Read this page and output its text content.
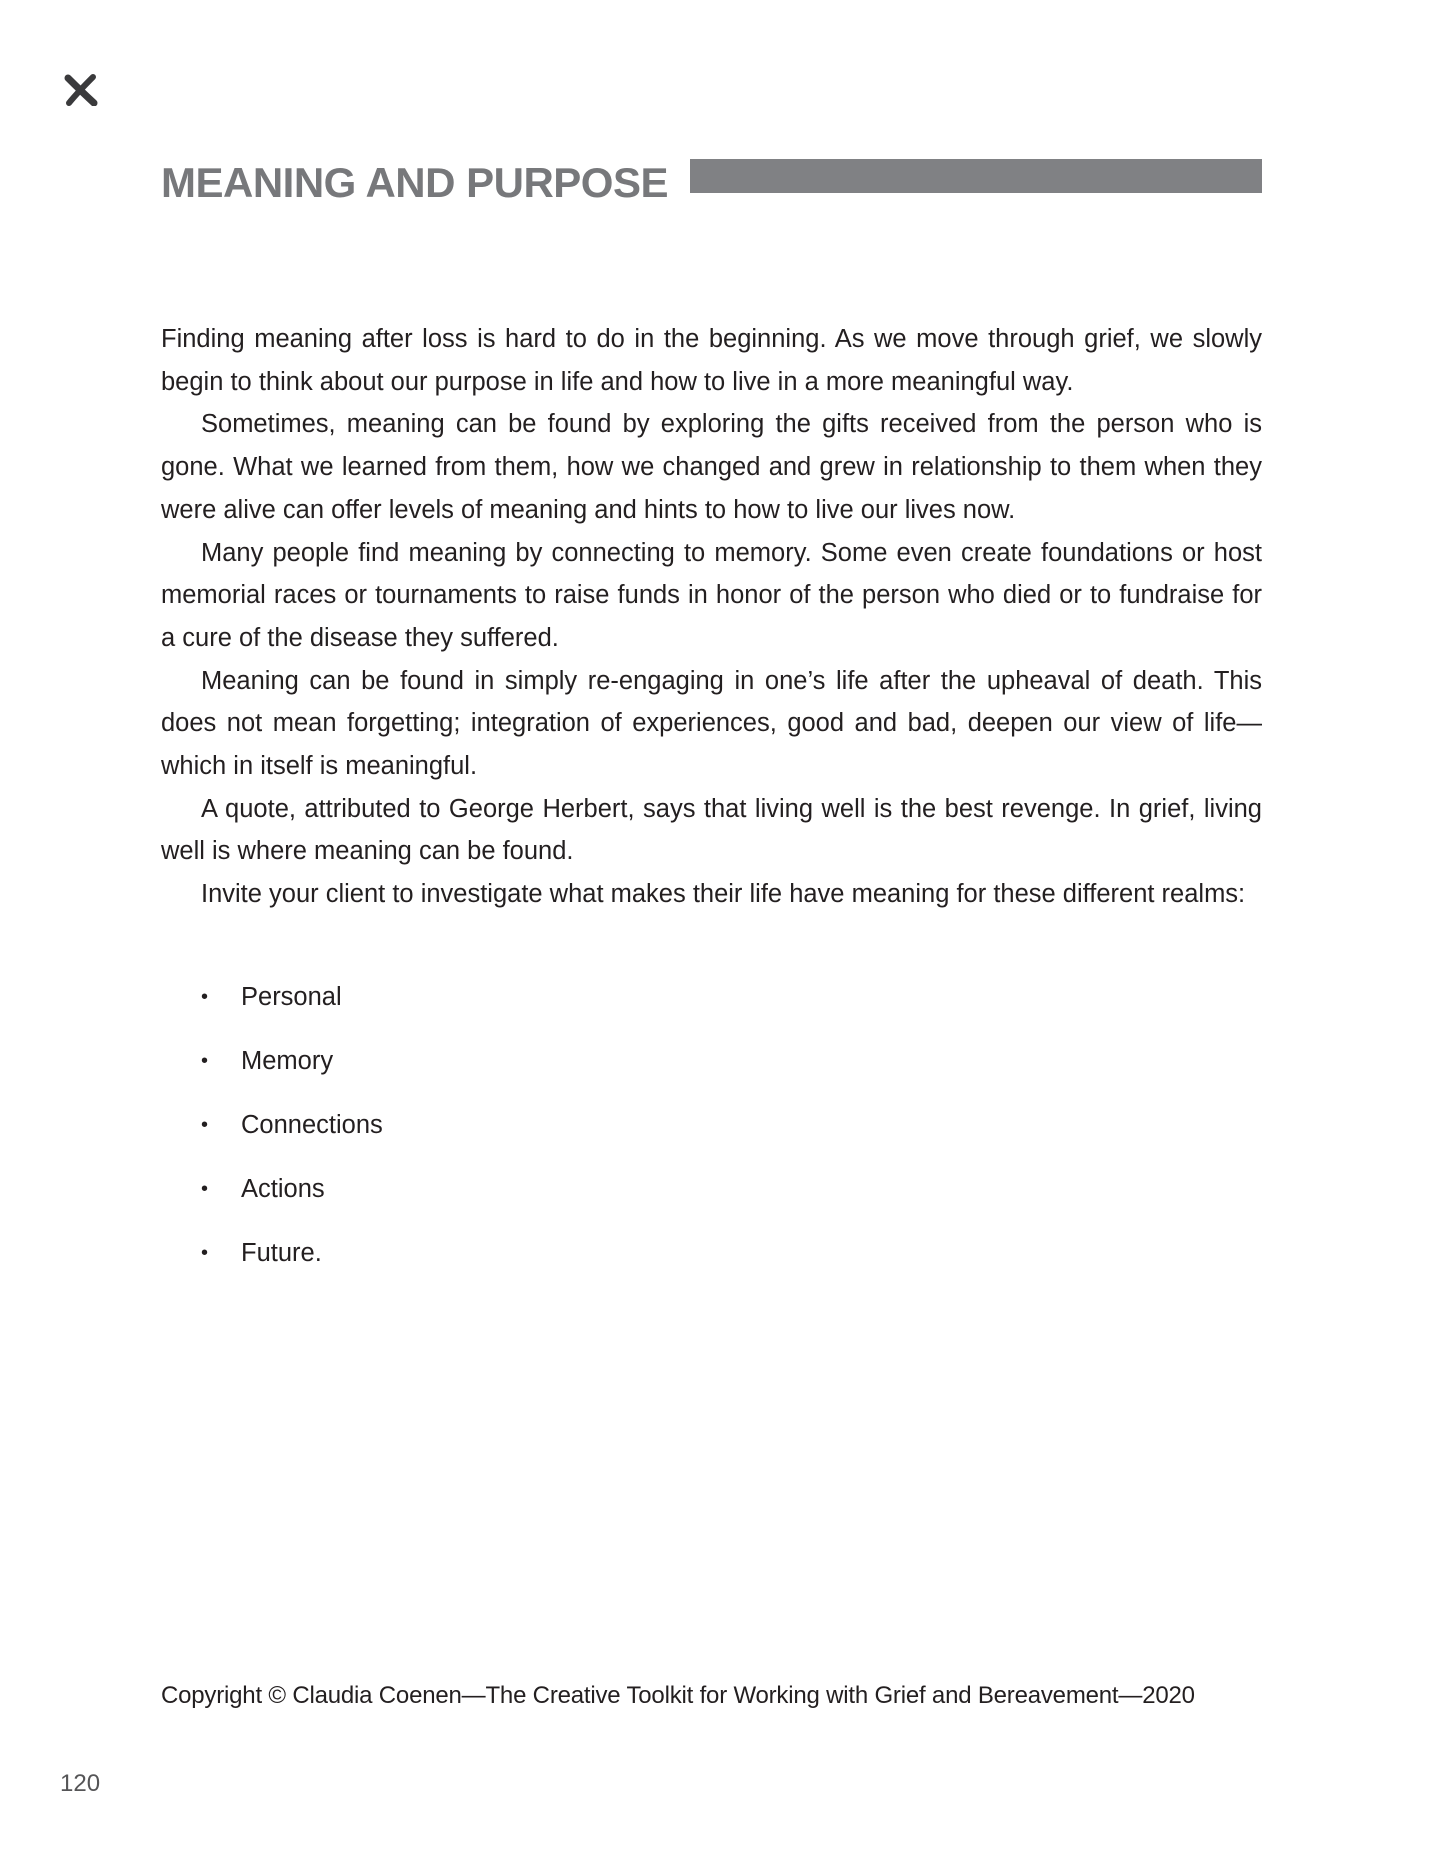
MEANING AND PURPOSE

Finding meaning after loss is hard to do in the beginning. As we move through grief, we slowly begin to think about our purpose in life and how to live in a more meaningful way.

Sometimes, meaning can be found by exploring the gifts received from the person who is gone. What we learned from them, how we changed and grew in relationship to them when they were alive can offer levels of meaning and hints to how to live our lives now.

Many people find meaning by connecting to memory. Some even create foundations or host memorial races or tournaments to raise funds in honor of the person who died or to fundraise for a cure of the disease they suffered.

Meaning can be found in simply re-engaging in one’s life after the upheaval of death. This does not mean forgetting; integration of experiences, good and bad, deepen our view of life—which in itself is meaningful.

A quote, attributed to George Herbert, says that living well is the best revenge. In grief, living well is where meaning can be found.

Invite your client to investigate what makes their life have meaning for these different realms:

•	Personal
•	Memory
•	Connections
•	Actions
•	Future.
Copyright © Claudia Coenen—The Creative Toolkit for Working with Grief and Bereavement—2020
120
